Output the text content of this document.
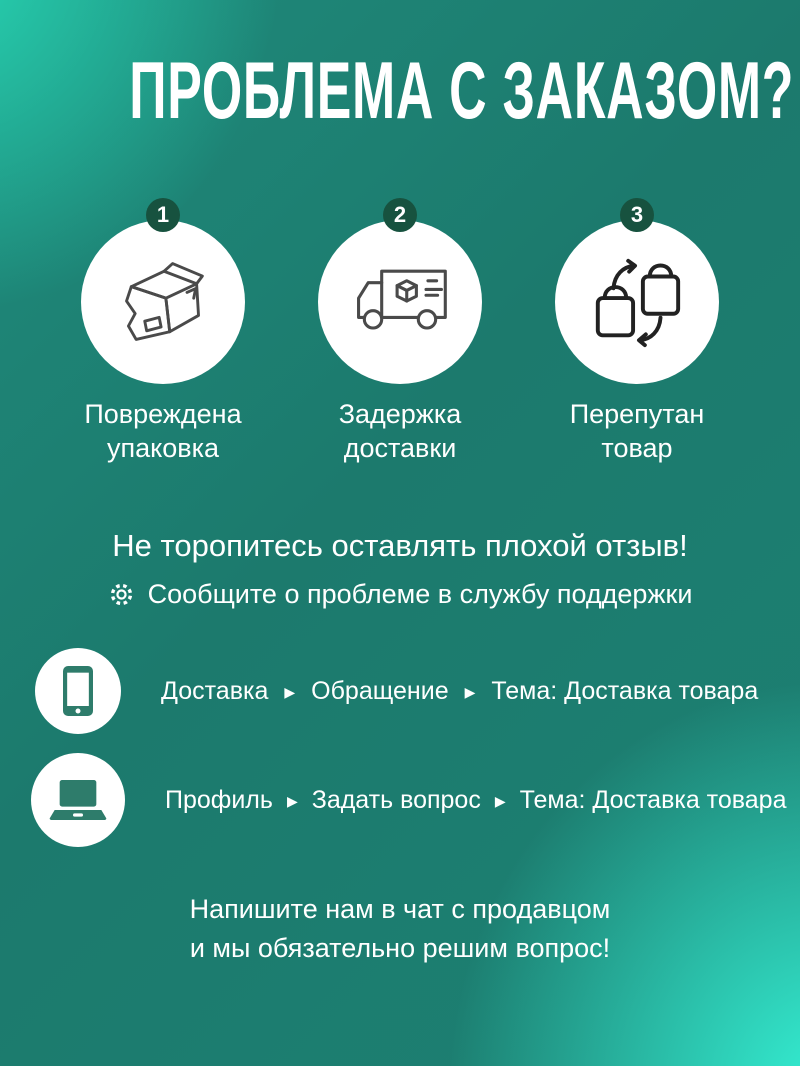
ПРОБЛЕМА С ЗАКАЗОМ?
1
Повреждена упаковка
2
Задержка доставки
3
Перепутан товар
Не торопитесь оставлять плохой отзыв!
Сообщите о проблеме в службу поддержки
Доставка ▶ Обращение ▶ Тема: Доставка товара
Профиль ▶ Задать вопрос ▶ Тема: Доставка товара
Напишите нам в чат с продавцом
и мы обязательно решим вопрос!
